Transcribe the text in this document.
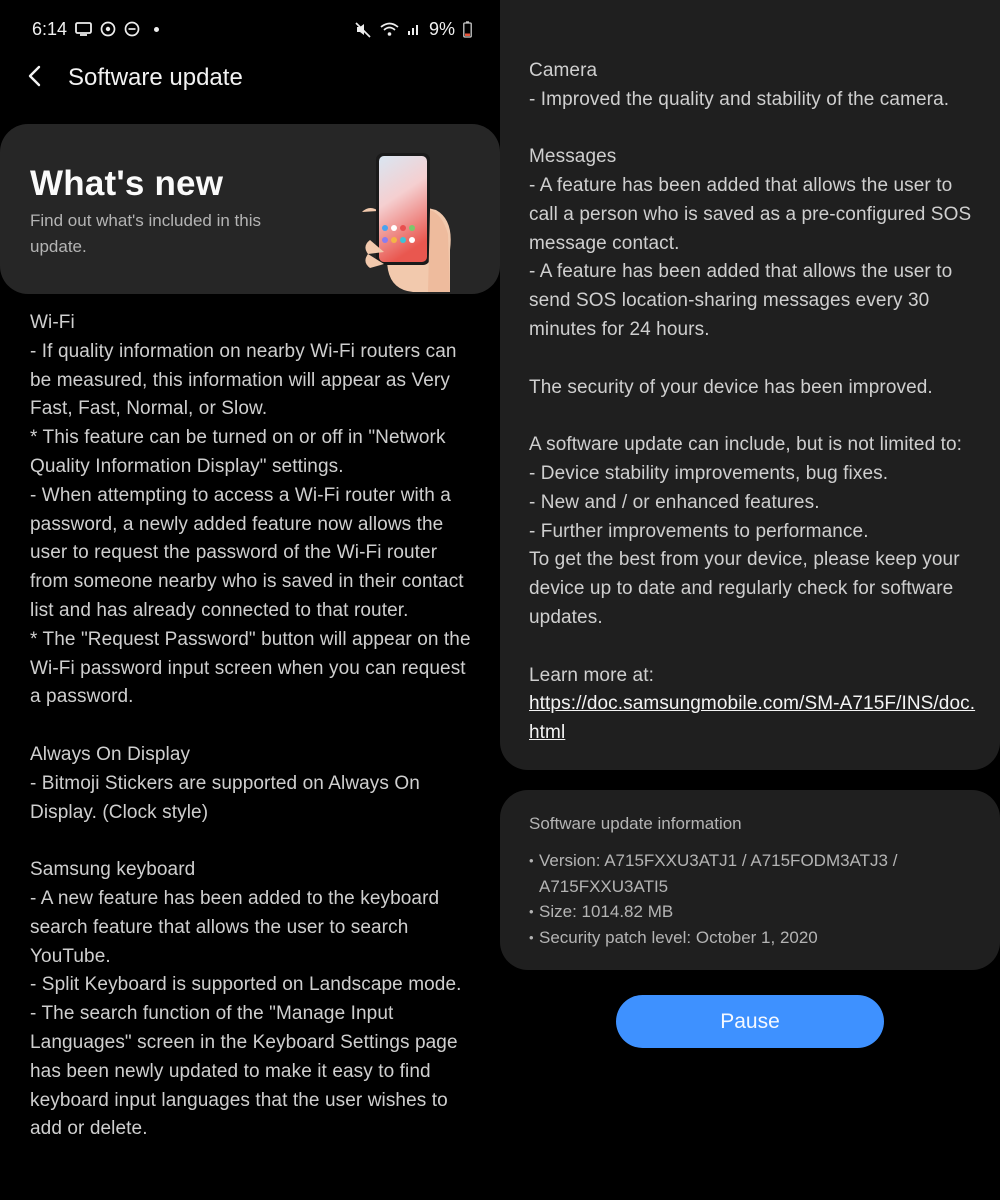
6:14	9%
Software update
What's new
Find out what's included in this update.
Wi-Fi
- If quality information on nearby Wi-Fi routers can be measured, this information will appear as Very Fast, Fast, Normal, or Slow.
* This feature can be turned on or off in "Network Quality Information Display" settings.
- When attempting to access a Wi-Fi router with a password, a newly added feature now allows the user to request the password of the Wi-Fi router from someone nearby who is saved in their contact list and has already connected to that router.
* The "Request Password" button will appear on the Wi-Fi password input screen when you can request a password.

Always On Display
- Bitmoji Stickers are supported on Always On Display. (Clock style)

Samsung keyboard
- A new feature has been added to the keyboard search feature that allows the user to search YouTube.
- Split Keyboard is supported on Landscape mode.
- The search function of the "Manage Input Languages" screen in the Keyboard Settings page has been newly updated to make it easy to find keyboard input languages that the user wishes to add or delete.

Camera
- Improved the quality and stability of the camera.

Messages
- A feature has been added that allows the user to call a person who is saved as a pre-configured SOS message contact.
- A feature has been added that allows the user to send SOS location-sharing messages every 30 minutes for 24 hours.

The security of your device has been improved.

A software update can include, but is not limited to:
- Device stability improvements, bug fixes.
- New and / or enhanced features.
- Further improvements to performance.
To get the best from your device, please keep your device up to date and regularly check for software updates.

Learn more at:

https://doc.samsungmobile.com/SM-A715F/INS/doc.html

Software update information
• Version: A715FXXU3ATJ1 / A715FODM3ATJ3 / A715FXXU3ATI5
• Size: 1014.82 MB
• Security patch level: October 1, 2020
Pause
